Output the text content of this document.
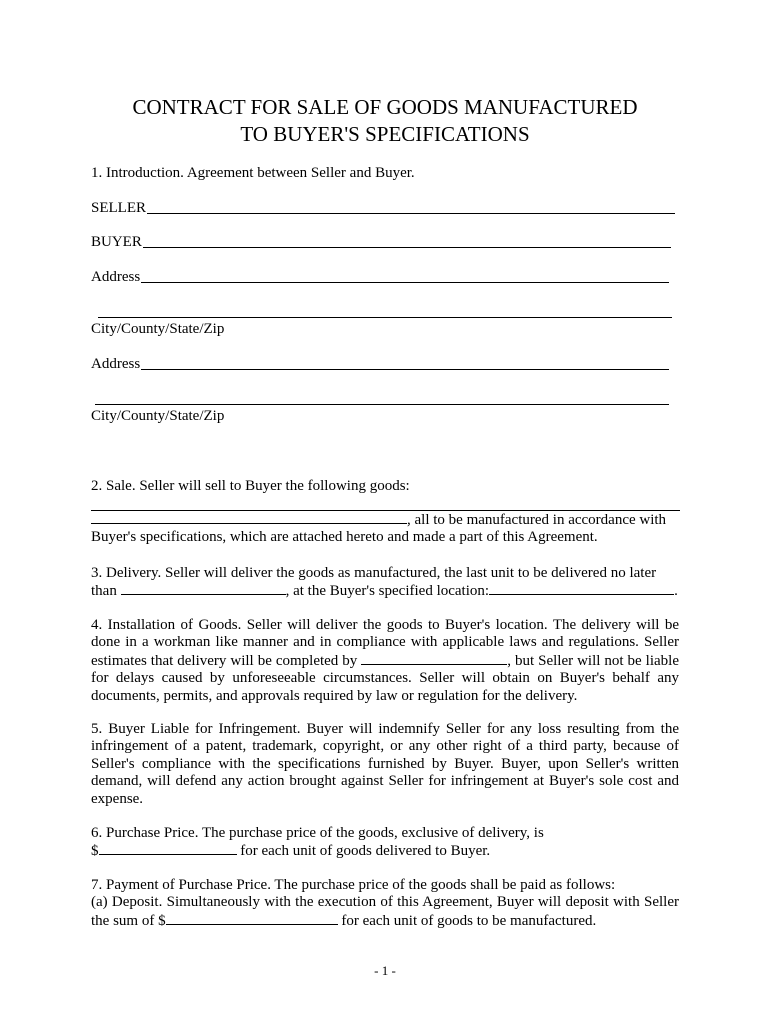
CONTRACT FOR SALE OF GOODS MANUFACTURED
TO BUYER'S SPECIFICATIONS
1. Introduction. Agreement between Seller and Buyer.
SELLER
BUYER
Address
City/County/State/Zip
Address
City/County/State/Zip
2. Sale. Seller will sell to Buyer the following goods:
, all to be manufactured in accordance with
Buyer's specifications, which are attached hereto and made a part of this Agreement.
3. Delivery. Seller will deliver the goods as manufactured, the last unit to be delivered no later
than	, at the Buyer's specified location:	.
4. Installation of Goods. Seller will deliver the goods to Buyer's location. The delivery will be done in a workman like manner and in compliance with applicable laws and regulations. Seller estimates that delivery will be completed by	, but Seller will not be liable for delays caused by unforeseeable circumstances. Seller will obtain on Buyer's behalf any documents, permits, and approvals required by law or regulation for the delivery.
5. Buyer Liable for Infringement. Buyer will indemnify Seller for any loss resulting from the infringement of a patent, trademark, copyright, or any other right of a third party, because of Seller's compliance with the specifications furnished by Buyer. Buyer, upon Seller's written demand, will defend any action brought against Seller for infringement at Buyer's sole cost and expense.
6. Purchase Price. The purchase price of the goods, exclusive of delivery, is
$	for each unit of goods delivered to Buyer.
7. Payment of Purchase Price. The purchase price of the goods shall be paid as follows:
(a) Deposit. Simultaneously with the execution of this Agreement, Buyer will deposit with Seller the sum of $	for each unit of goods to be manufactured.
- 1 -
